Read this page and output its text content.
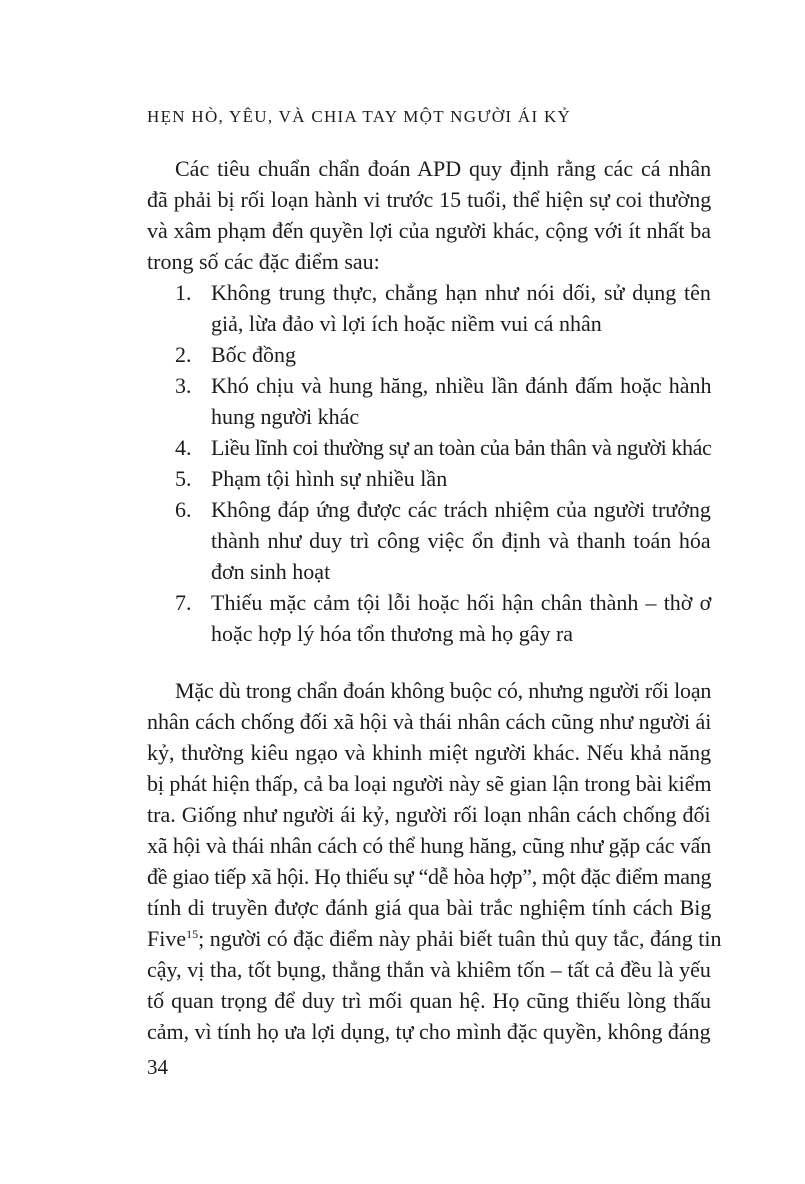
HẸN HÒ, YÊU, VÀ CHIA TAY MỘT NGƯỜI ÁI KỶ
Các tiêu chuẩn chẩn đoán APD quy định rằng các cá nhân
đã phải bị rối loạn hành vi trước 15 tuổi, thể hiện sự coi thường
và xâm phạm đến quyền lợi của người khác, cộng với ít nhất ba
trong số các đặc điểm sau:
1. Không trung thực, chẳng hạn như nói dối, sử dụng tên
giả, lừa đảo vì lợi ích hoặc niềm vui cá nhân
2. Bốc đồng
3. Khó chịu và hung hăng, nhiều lần đánh đấm hoặc hành
hung người khác
4. Liều lĩnh coi thường sự an toàn của bản thân và người khác
5. Phạm tội hình sự nhiều lần
6. Không đáp ứng được các trách nhiệm của người trưởng
thành như duy trì công việc ổn định và thanh toán hóa
đơn sinh hoạt
7. Thiếu mặc cảm tội lỗi hoặc hối hận chân thành – thờ ơ
hoặc hợp lý hóa tổn thương mà họ gây ra
Mặc dù trong chẩn đoán không buộc có, nhưng người rối loạn
nhân cách chống đối xã hội và thái nhân cách cũng như người ái
kỷ, thường kiêu ngạo và khinh miệt người khác. Nếu khả năng
bị phát hiện thấp, cả ba loại người này sẽ gian lận trong bài kiểm
tra. Giống như người ái kỷ, người rối loạn nhân cách chống đối
xã hội và thái nhân cách có thể hung hăng, cũng như gặp các vấn
đề giao tiếp xã hội. Họ thiếu sự “dễ hòa hợp”, một đặc điểm mang
tính di truyền được đánh giá qua bài trắc nghiệm tính cách Big
Five$^{15}$; người có đặc điểm này phải biết tuân thủ quy tắc, đáng tin
cậy, vị tha, tốt bụng, thẳng thắn và khiêm tốn – tất cả đều là yếu
tố quan trọng để duy trì mối quan hệ. Họ cũng thiếu lòng thấu
cảm, vì tính họ ưa lợi dụng, tự cho mình đặc quyền, không đáng
34
